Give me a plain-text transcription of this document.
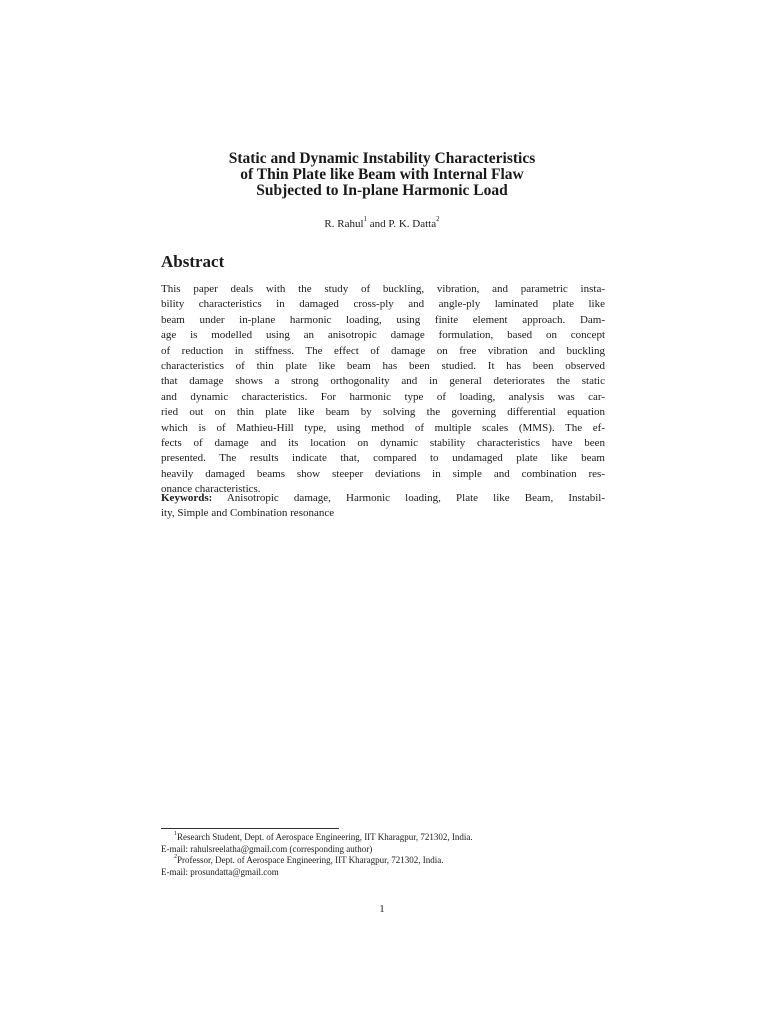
Static and Dynamic Instability Characteristics
of Thin Plate like Beam with Internal Flaw
Subjected to In-plane Harmonic Load
R. Rahul$^1$ and P. K. Datta$^2$
Abstract
This paper deals with the study of buckling, vibration, and parametric insta-
bility characteristics in damaged cross-ply and angle-ply laminated plate like
beam under in-plane harmonic loading, using finite element approach. Dam-
age is modelled using an anisotropic damage formulation, based on concept
of reduction in stiffness. The effect of damage on free vibration and buckling
characteristics of thin plate like beam has been studied. It has been observed
that damage shows a strong orthogonality and in general deteriorates the static
and dynamic characteristics. For harmonic type of loading, analysis was car-
ried out on thin plate like beam by solving the governing differential equation
which is of Mathieu-Hill type, using method of multiple scales (MMS). The ef-
fects of damage and its location on dynamic stability characteristics have been
presented. The results indicate that, compared to undamaged plate like beam
heavily damaged beams show steeper deviations in simple and combination res-
onance characteristics.
Keywords: Anisotropic damage, Harmonic loading, Plate like Beam, Instabil-
ity, Simple and Combination resonance
$^1$Research Student, Dept. of Aerospace Engineering, IIT Kharagpur, 721302, India.
E-mail: rahulsreelatha@gmail.com (corresponding author)
$^2$Professor, Dept. of Aerospace Engineering, IIT Kharagpur, 721302, India.
E-mail: prosundatta@gmail.com
1
